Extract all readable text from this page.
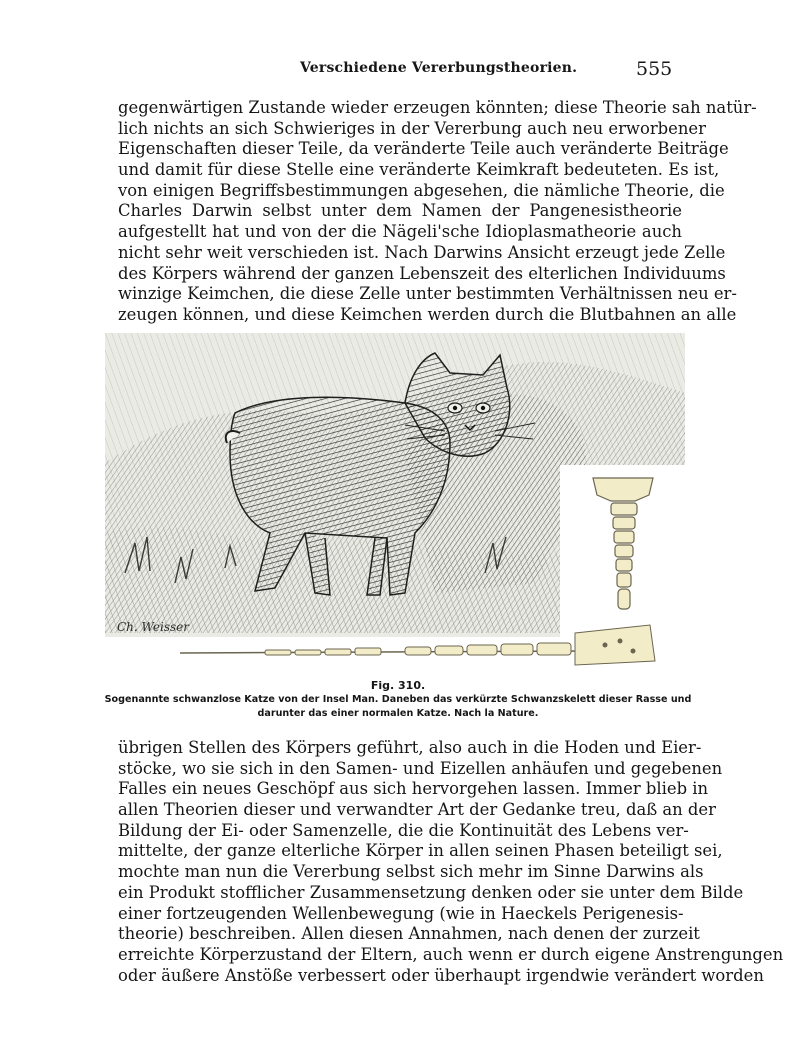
Verschiedene Vererbungstheorien.	555
gegenwärtigen Zustande wieder erzeugen könnten; diese Theorie sah natür-
lich nichts an sich Schwieriges in der Vererbung auch neu erworbener
Eigenschaften dieser Teile, da veränderte Teile auch veränderte Beiträge
und damit für diese Stelle eine veränderte Keimkraft bedeuteten. Es ist,
von einigen Begriffsbestimmungen abgesehen, die nämliche Theorie, die
Charles Darwin selbst unter dem Namen der Pangenesistheorie
aufgestellt hat und von der die Nägeli'sche Idioplasmatheorie auch
nicht sehr weit verschieden ist. Nach Darwins Ansicht erzeugt jede Zelle
des Körpers während der ganzen Lebenszeit des elterlichen Individuums
winzige Keimchen, die diese Zelle unter bestimmten Verhältnissen neu er-
zeugen können, und diese Keimchen werden durch die Blutbahnen an alle
Ch. Weisser
Fig. 310.
Sogenannte schwanzlose Katze von der Insel Man. Daneben das verkürzte Schwanzskelett dieser Rasse und
darunter das einer normalen Katze. Nach la Nature.
übrigen Stellen des Körpers geführt, also auch in die Hoden und Eier-
stöcke, wo sie sich in den Samen- und Eizellen anhäufen und gegebenen
Falles ein neues Geschöpf aus sich hervorgehen lassen. Immer blieb in
allen Theorien dieser und verwandter Art der Gedanke treu, daß an der
Bildung der Ei- oder Samenzelle, die die Kontinuität des Lebens ver-
mittelte, der ganze elterliche Körper in allen seinen Phasen beteiligt sei,
mochte man nun die Vererbung selbst sich mehr im Sinne Darwins als
ein Produkt stofflicher Zusammensetzung denken oder sie unter dem Bilde
einer fortzeugenden Wellenbewegung (wie in Haeckels Perigenesis-
theorie) beschreiben. Allen diesen Annahmen, nach denen der zurzeit
erreichte Körperzustand der Eltern, auch wenn er durch eigene Anstrengungen
oder äußere Anstöße verbessert oder überhaupt irgendwie verändert worden
